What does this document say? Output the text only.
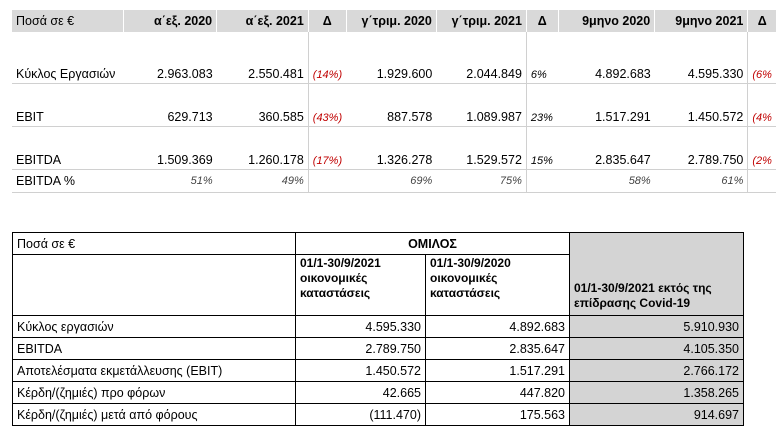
Ποσά σε €	α΄εξ. 2020	α΄εξ. 2021	Δ	γ΄τριμ. 2020	γ΄τριμ. 2021	Δ	9μηνο 2020	9μηνο 2021	Δ

Κύκλος Εργασιών	2.963.083	2.550.481	(14%)	1.929.600	2.044.849	6%	4.892.683	4.595.330	(6%

EBIT	629.713	360.585	(43%)	887.578	1.089.987	23%	1.517.291	1.450.572	(4%

EBITDA	1.509.369	1.260.178	(17%)	1.326.278	1.529.572	15%	2.835.647	2.789.750	(2%
EBITDA %	51%	49%		69%	75%		58%	61%	
Ποσά σε €	ΟΜΙΛΟΣ		
	01/1-30/9/2021 οικονομικές καταστάσεις	01/1-30/9/2020 οικονομικές καταστάσεις	01/1-30/9/2021 εκτός της επίδρασης Covid-19
Κύκλος εργασιών	4.595.330	4.892.683	5.910.930
EBITDA	2.789.750	2.835.647	4.105.350
Αποτελέσματα εκμετάλλευσης (EBIT)	1.450.572	1.517.291	2.766.172
Κέρδη/(ζημιές) προ φόρων	42.665	447.820	1.358.265
Κέρδη/(ζημιές) μετά από φόρους	(111.470)	175.563	914.697
